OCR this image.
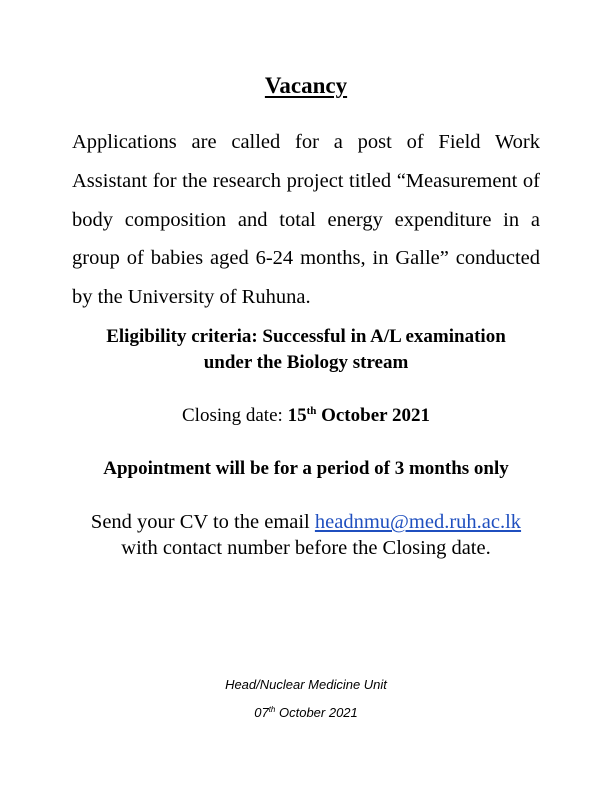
Vacancy

Applications are called for a post of Field Work Assistant for the research project titled “Measurement of body composition and total energy expenditure in a group of babies aged 6-24 months, in Galle” conducted by the University of Ruhuna.

Eligibility criteria: Successful in A/L examination
under the Biology stream

Closing date: 15th October 2021

Appointment will be for a period of 3 months only

Send your CV to the email headnmu@med.ruh.ac.lk
with contact number before the Closing date.

Head/Nuclear Medicine Unit

07th October 2021
